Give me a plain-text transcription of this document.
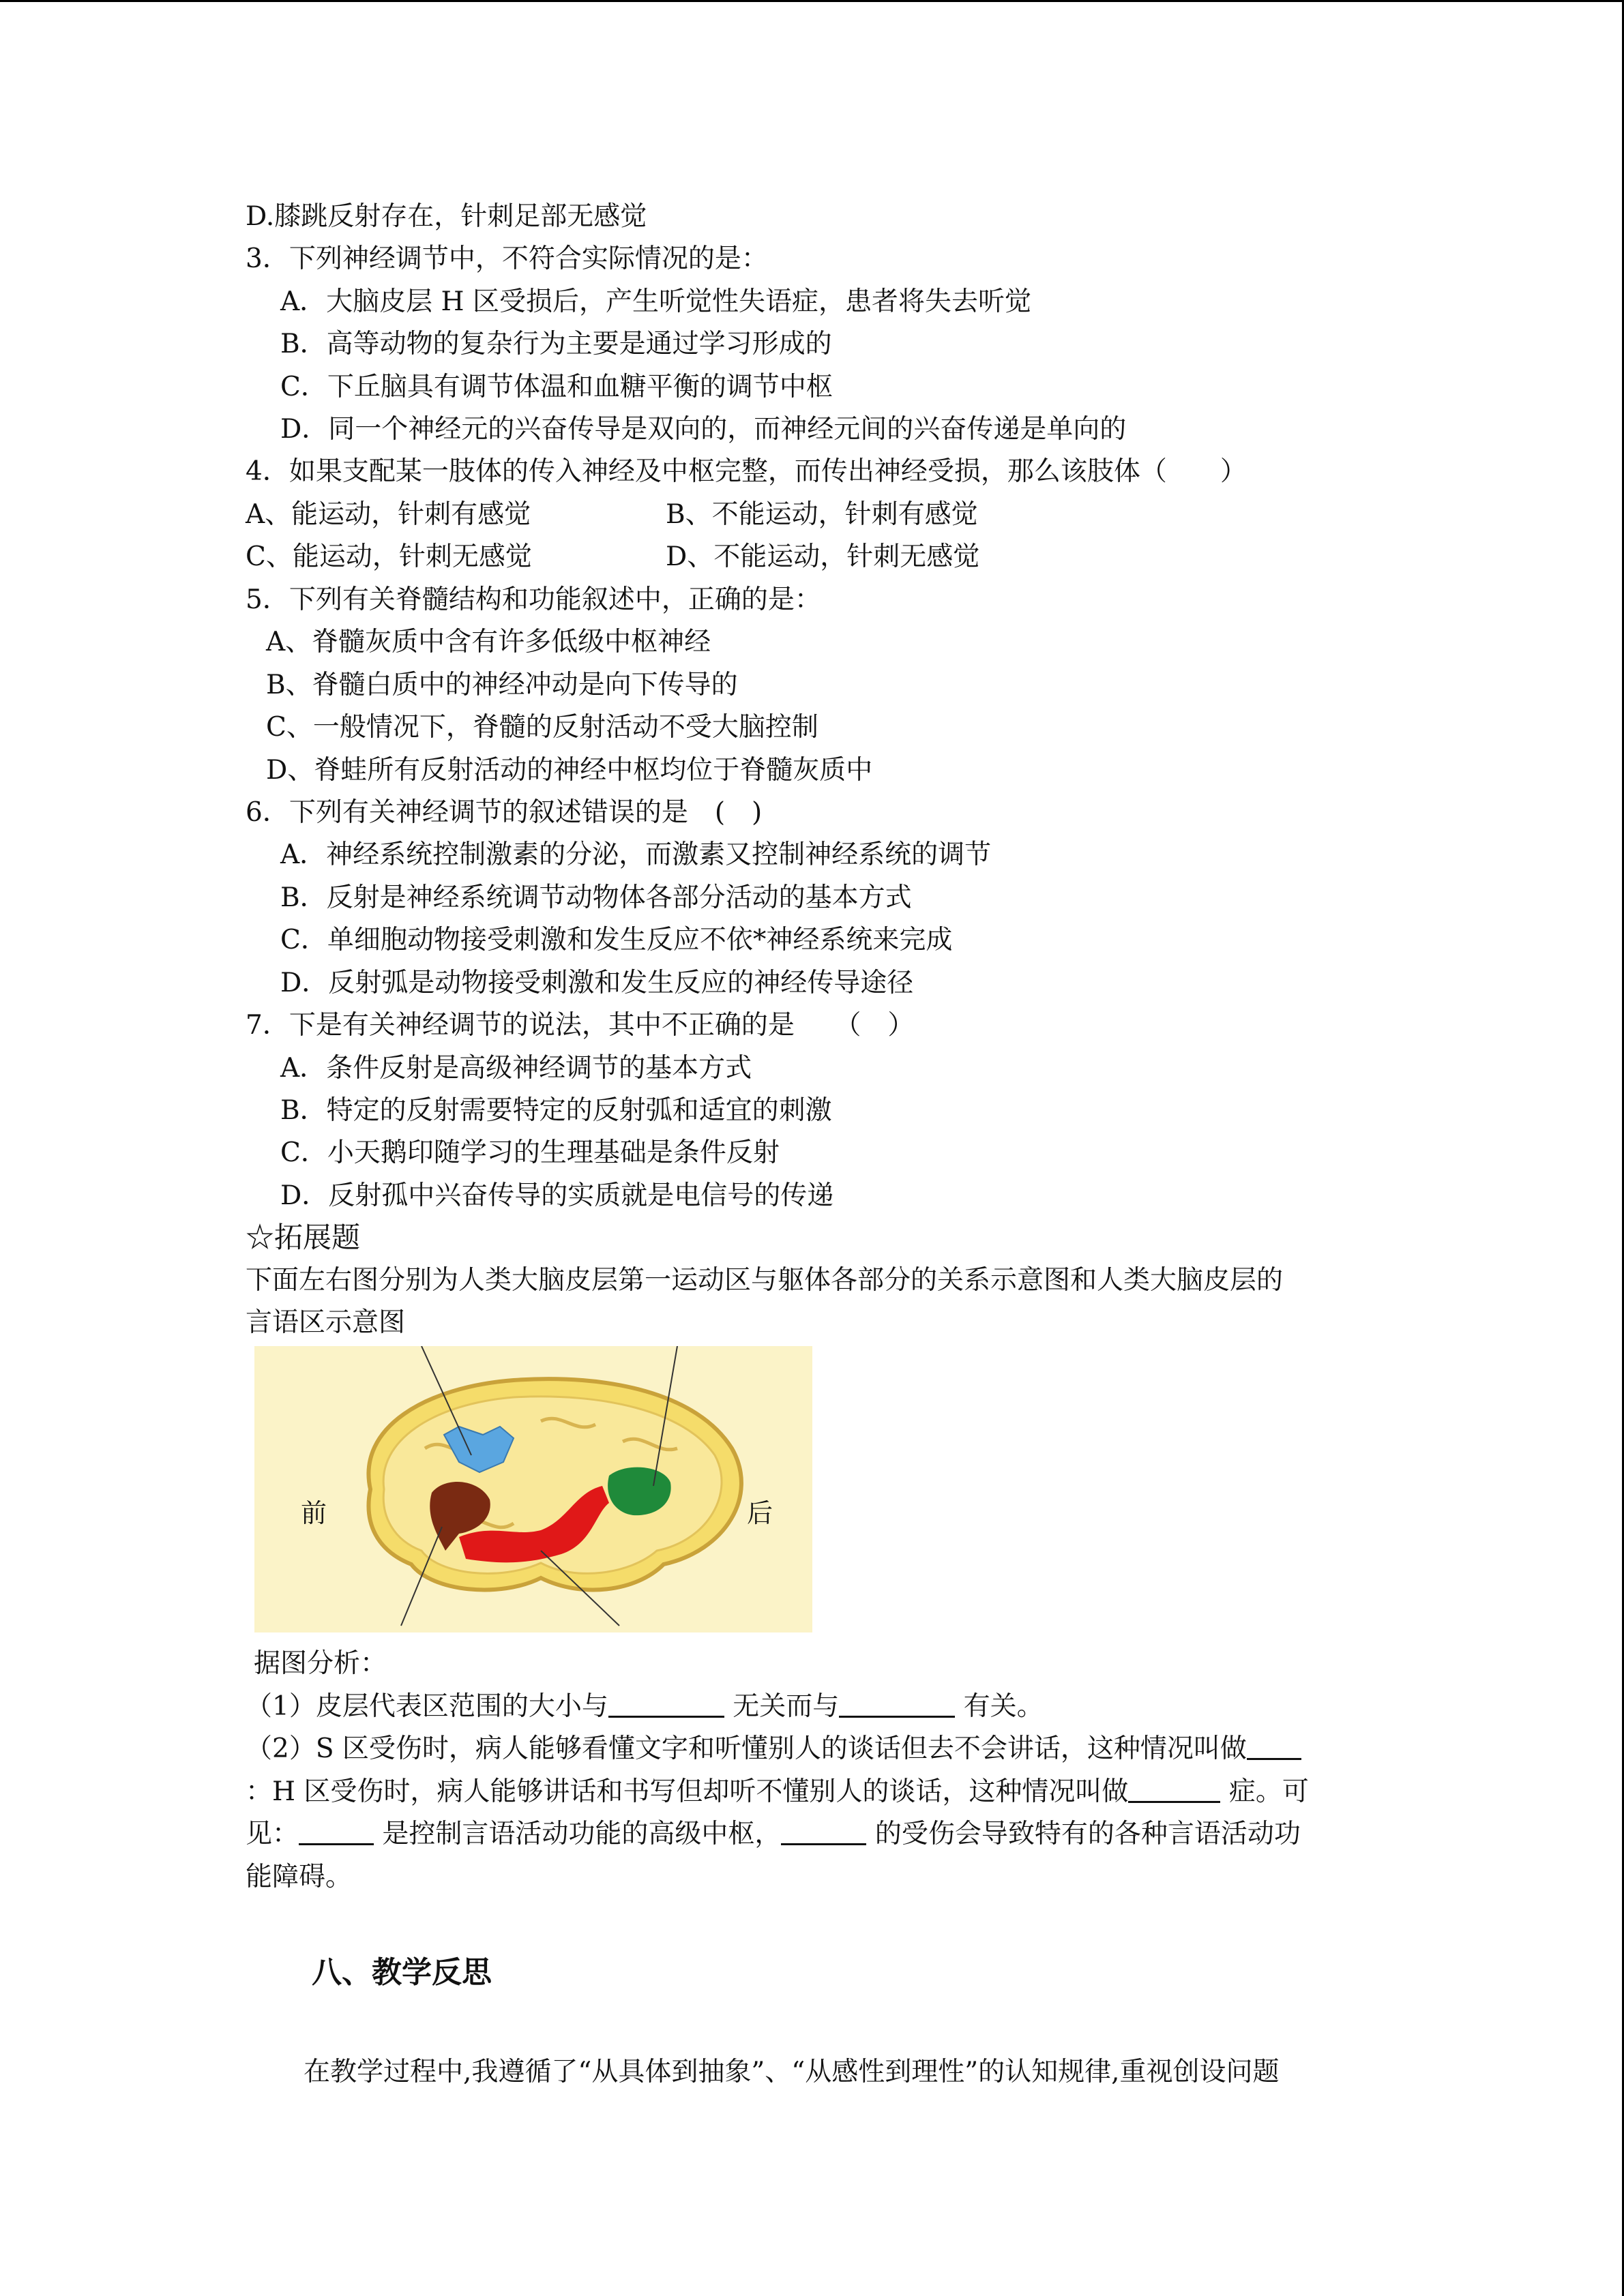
D.膝跳反射存在，针刺足部无感觉
3．下列神经调节中，不符合实际情况的是：
A．大脑皮层 H 区受损后，产生听觉性失语症，患者将失去听觉
B．高等动物的复杂行为主要是通过学习形成的
C．下丘脑具有调节体温和血糖平衡的调节中枢
D．同一个神经元的兴奋传导是双向的，而神经元间的兴奋传递是单向的
4．如果支配某一肢体的传入神经及中枢完整，而传出神经受损，那么该肢体（　　）
A、能运动，针刺有感觉	B、不能运动，针刺有感觉
C、能运动，针刺无感觉	D、不能运动，针刺无感觉
5．下列有关脊髓结构和功能叙述中，正确的是：
A、脊髓灰质中含有许多低级中枢神经
B、脊髓白质中的神经冲动是向下传导的
C、一般情况下，脊髓的反射活动不受大脑控制
D、脊蛙所有反射活动的神经中枢均位于脊髓灰质中
6．下列有关神经调节的叙述错误的是　(　)
A．神经系统控制激素的分泌，而激素又控制神经系统的调节
B．反射是神经系统调节动物体各部分活动的基本方式
C．单细胞动物接受刺激和发生反应不依*神经系统来完成
D．反射弧是动物接受刺激和发生反应的神经传导途径
7．下是有关神经调节的说法，其中不正确的是　　（　）
A．条件反射是高级神经调节的基本方式
B．特定的反射需要特定的反射弧和适宜的刺激
C．小天鹅印随学习的生理基础是条件反射
D．反射孤中兴奋传导的实质就是电信号的传递
☆拓展题
下面左右图分别为人类大脑皮层第一运动区与躯体各部分的关系示意图和人类大脑皮层的
言语区示意图
前	后
据图分析：
（1）皮层代表区范围的大小与	无关而与	有关。
（2）S 区受伤时，病人能够看懂文字和听懂别人的谈话但去不会讲话，这种情况叫做
：H 区受伤时，病人能够讲话和书写但却听不懂别人的谈话，这种情况叫做	症。可
见：	是控制言语活动功能的高级中枢，	的受伤会导致特有的各种言语活动功
能障碍。
八、教学反思
在教学过程中,我遵循了“从具体到抽象”、“从感性到理性”的认知规律,重视创设问题
